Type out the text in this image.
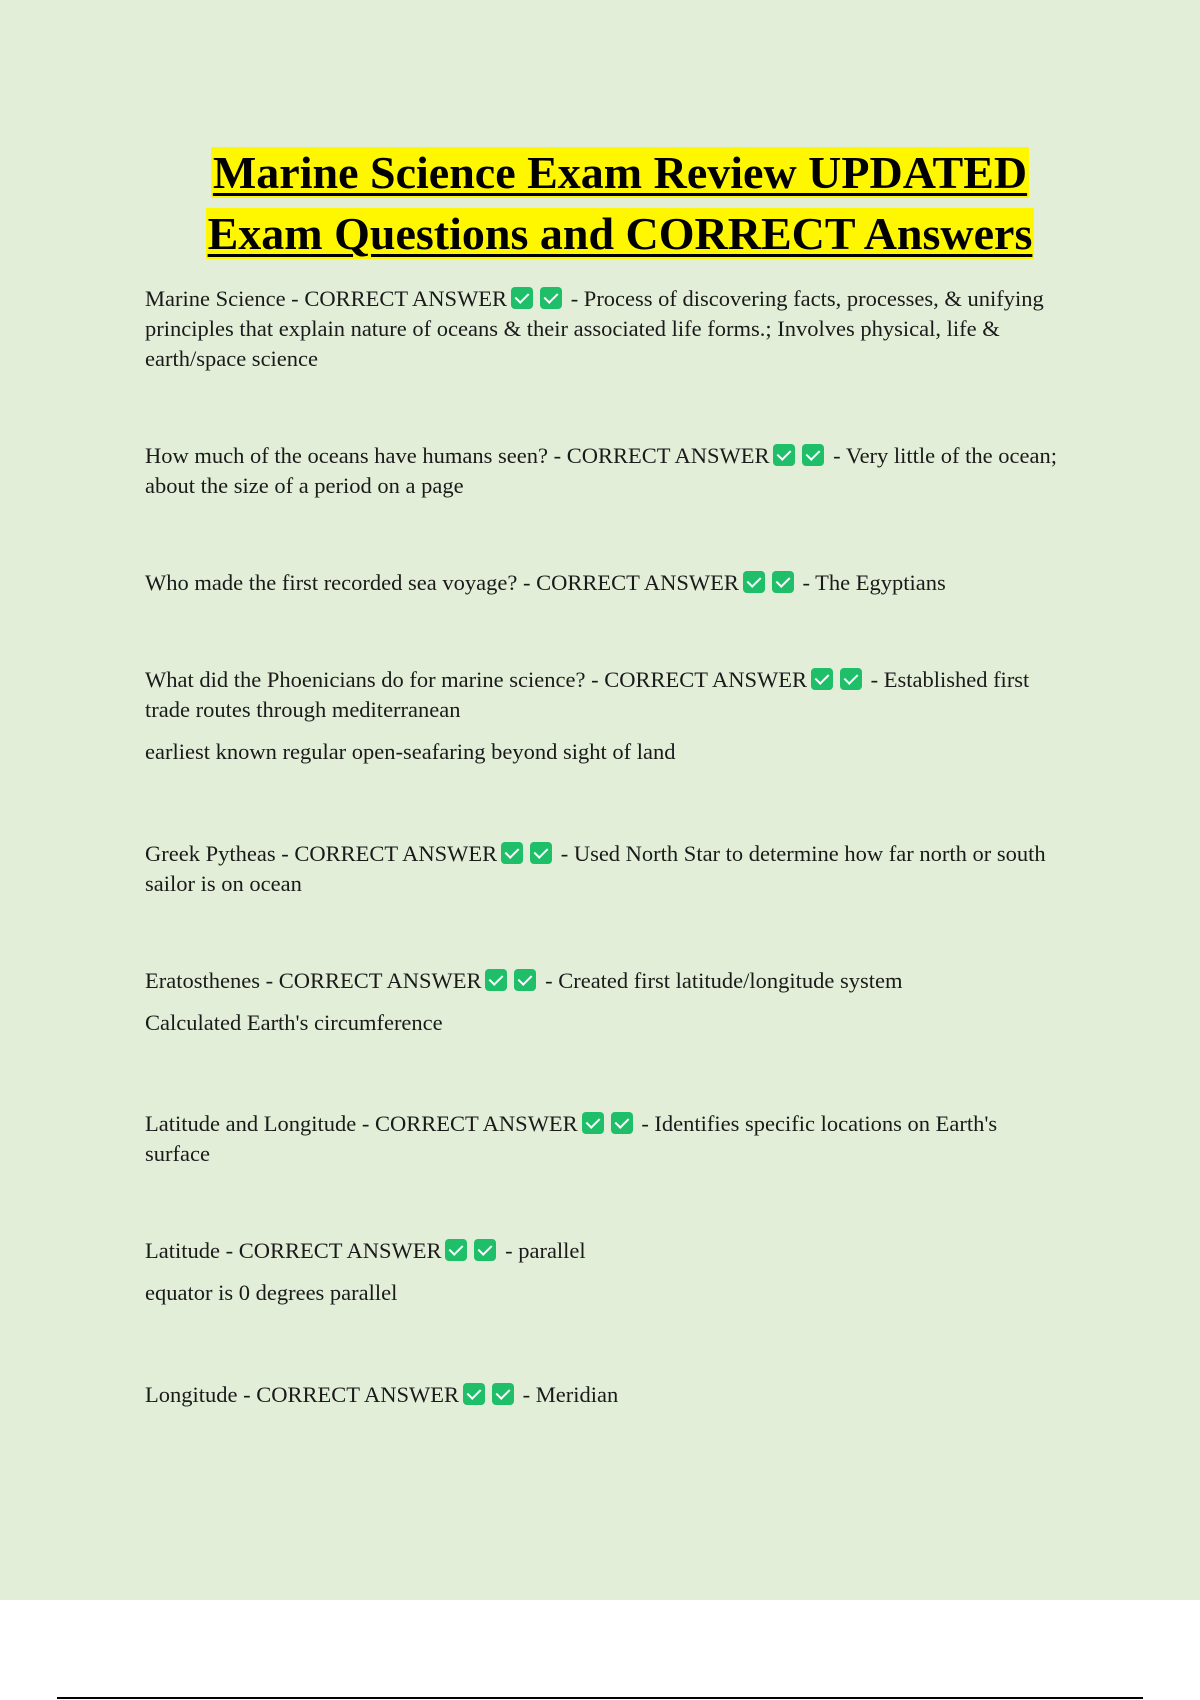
Marine Science Exam Review UPDATED
Exam Questions and CORRECT Answers

Marine Science - CORRECT ANSWER	- Process of discovering facts, processes, & unifying principles that explain nature of oceans & their associated life forms.; Involves physical, life & earth/space science

How much of the oceans have humans seen? - CORRECT ANSWER	- Very little of the ocean; about the size of a period on a page

Who made the first recorded sea voyage? - CORRECT ANSWER	- The Egyptians

What did the Phoenicians do for marine science? - CORRECT ANSWER	- Established first trade routes through mediterranean

earliest known regular open-seafaring beyond sight of land

Greek Pytheas - CORRECT ANSWER	- Used North Star to determine how far north or south sailor is on ocean

Eratosthenes - CORRECT ANSWER	- Created first latitude/longitude system

Calculated Earth's circumference

Latitude and Longitude - CORRECT ANSWER	- Identifies specific locations on Earth's surface

Latitude - CORRECT ANSWER	- parallel

equator is 0 degrees parallel

Longitude - CORRECT ANSWER	- Meridian
